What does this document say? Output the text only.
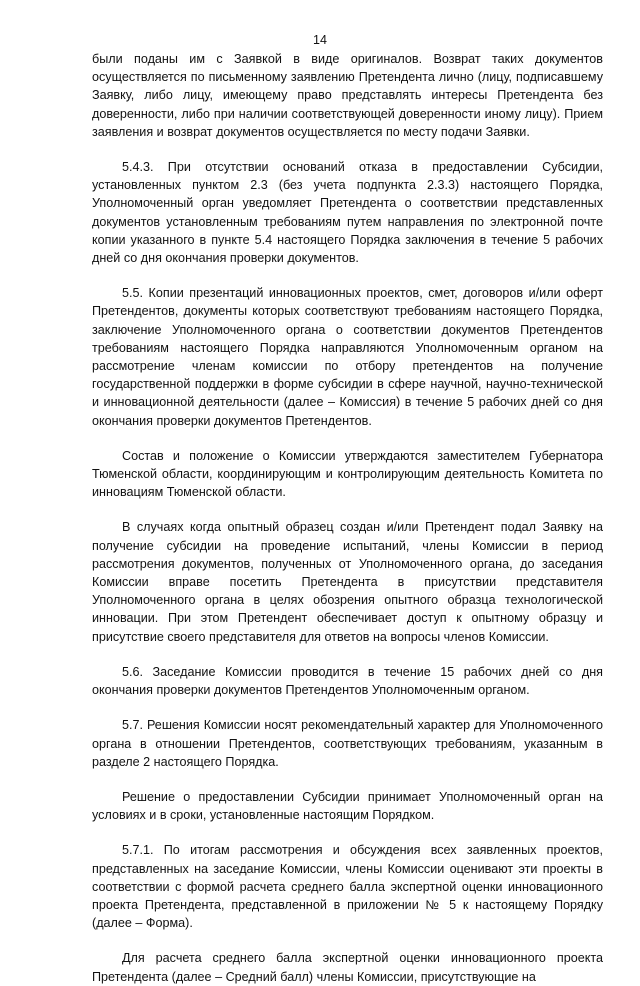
14

были поданы им с Заявкой в виде оригиналов. Возврат таких документов осуществляется по письменному заявлению Претендента лично (лицу, подписавшему Заявку, либо лицу, имеющему право представлять интересы Претендента без доверенности, либо при наличии соответствующей доверенности иному лицу). Прием заявления и возврат документов осуществляется по месту подачи Заявки.

5.4.3. При отсутствии оснований отказа в предоставлении Субсидии, установленных пунктом 2.3 (без учета подпункта 2.3.3) настоящего Порядка, Уполномоченный орган уведомляет Претендента о соответствии представленных документов установленным требованиям путем направления по электронной почте копии указанного в пункте 5.4 настоящего Порядка заключения в течение 5 рабочих дней со дня окончания проверки документов.

5.5. Копии презентаций инновационных проектов, смет, договоров и/или оферт Претендентов, документы которых соответствуют требованиям настоящего Порядка, заключение Уполномоченного органа о соответствии документов Претендентов требованиям настоящего Порядка направляются Уполномоченным органом на рассмотрение членам комиссии по отбору претендентов на получение государственной поддержки в форме субсидии в сфере научной, научно-технической и инновационной деятельности (далее – Комиссия) в течение 5 рабочих дней со дня окончания проверки документов Претендентов.

Состав и положение о Комиссии утверждаются заместителем Губернатора Тюменской области, координирующим и контролирующим деятельность Комитета по инновациям Тюменской области.

В случаях когда опытный образец создан и/или Претендент подал Заявку на получение субсидии на проведение испытаний, члены Комиссии в период рассмотрения документов, полученных от Уполномоченного органа, до заседания Комиссии вправе посетить Претендента в присутствии представителя Уполномоченного органа в целях обозрения опытного образца технологической инновации. При этом Претендент обеспечивает доступ к опытному образцу и присутствие своего представителя для ответов на вопросы членов Комиссии.

5.6. Заседание Комиссии проводится в течение 15 рабочих дней со дня окончания проверки документов Претендентов Уполномоченным органом.

5.7. Решения Комиссии носят рекомендательный характер для Уполномоченного органа в отношении Претендентов, соответствующих требованиям, указанным в разделе 2 настоящего Порядка.

Решение о предоставлении Субсидии принимает Уполномоченный орган на условиях и в сроки, установленные настоящим Порядком.

5.7.1. По итогам рассмотрения и обсуждения всех заявленных проектов, представленных на заседание Комиссии, члены Комиссии оценивают эти проекты в соответствии с формой расчета среднего балла экспертной оценки инновационного проекта Претендента, представленной в приложении № 5 к настоящему Порядку (далее – Форма).

Для расчета среднего балла экспертной оценки инновационного проекта Претендента (далее – Средний балл) члены Комиссии, присутствующие на
